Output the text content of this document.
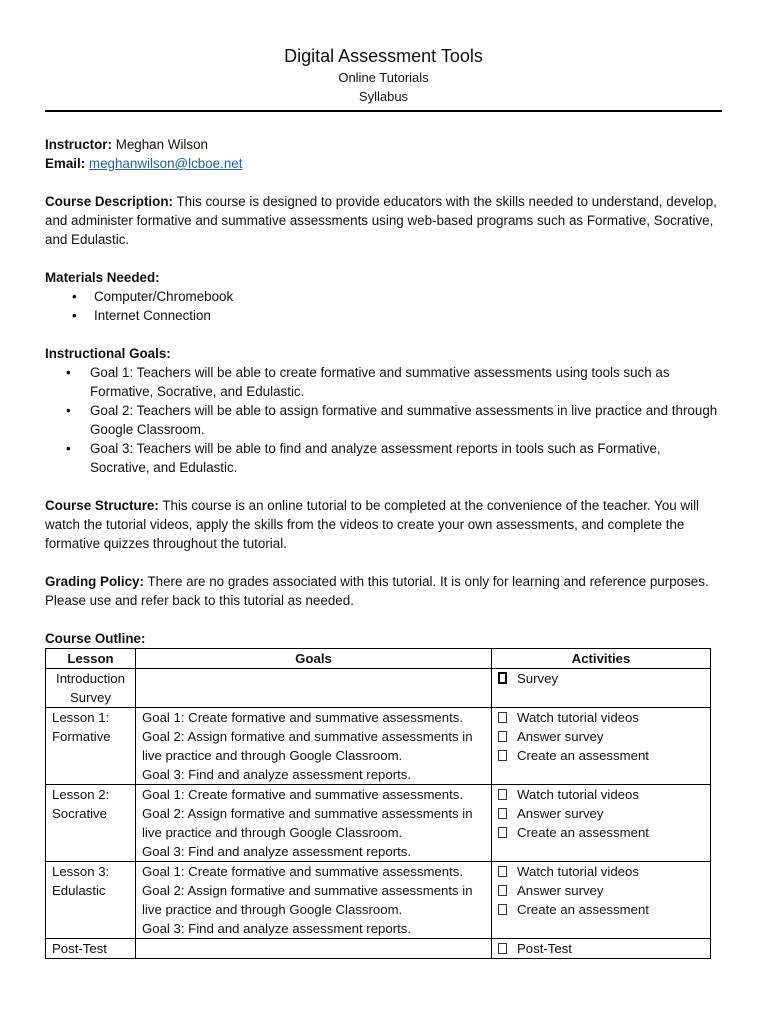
Digital Assessment Tools
Online Tutorials
Syllabus
Instructor: Meghan Wilson
Email: meghanwilson@lcboe.net

Course Description: This course is designed to provide educators with the skills needed to understand, develop, and administer formative and summative assessments using web-based programs such as Formative, Socrative, and Edulastic.

Materials Needed:
• Computer/Chromebook
• Internet Connection
Instructional Goals:
• Goal 1: Teachers will be able to create formative and summative assessments using tools such as Formative, Socrative, and Edulastic.
• Goal 2: Teachers will be able to assign formative and summative assessments in live practice and through Google Classroom.
• Goal 3: Teachers will be able to find and analyze assessment reports in tools such as Formative, Socrative, and Edulastic.

Course Structure: This course is an online tutorial to be completed at the convenience of the teacher. You will watch the tutorial videos, apply the skills from the videos to create your own assessments, and complete the formative quizzes throughout the tutorial.

Grading Policy: There are no grades associated with this tutorial. It is only for learning and reference purposes. Please use and refer back to this tutorial as needed.

Course Outline:
Lesson	Goals	Activities

Introduction
Survey		Survey

Lesson 1:
Formative	Goal 1: Create formative and summative assessments.
Goal 2: Assign formative and summative assessments in live practice and through Google Classroom.
Goal 3: Find and analyze assessment reports.	Watch tutorial videos
Answer survey
Create an assessment

Lesson 2:
Socrative	Goal 1: Create formative and summative assessments.
Goal 2: Assign formative and summative assessments in live practice and through Google Classroom.
Goal 3: Find and analyze assessment reports.	Watch tutorial videos
Answer survey
Create an assessment

Lesson 3:
Edulastic	Goal 1: Create formative and summative assessments.
Goal 2: Assign formative and summative assessments in live practice and through Google Classroom.
Goal 3: Find and analyze assessment reports.	Watch tutorial videos
Answer survey
Create an assessment

Post-Test		Post-Test
